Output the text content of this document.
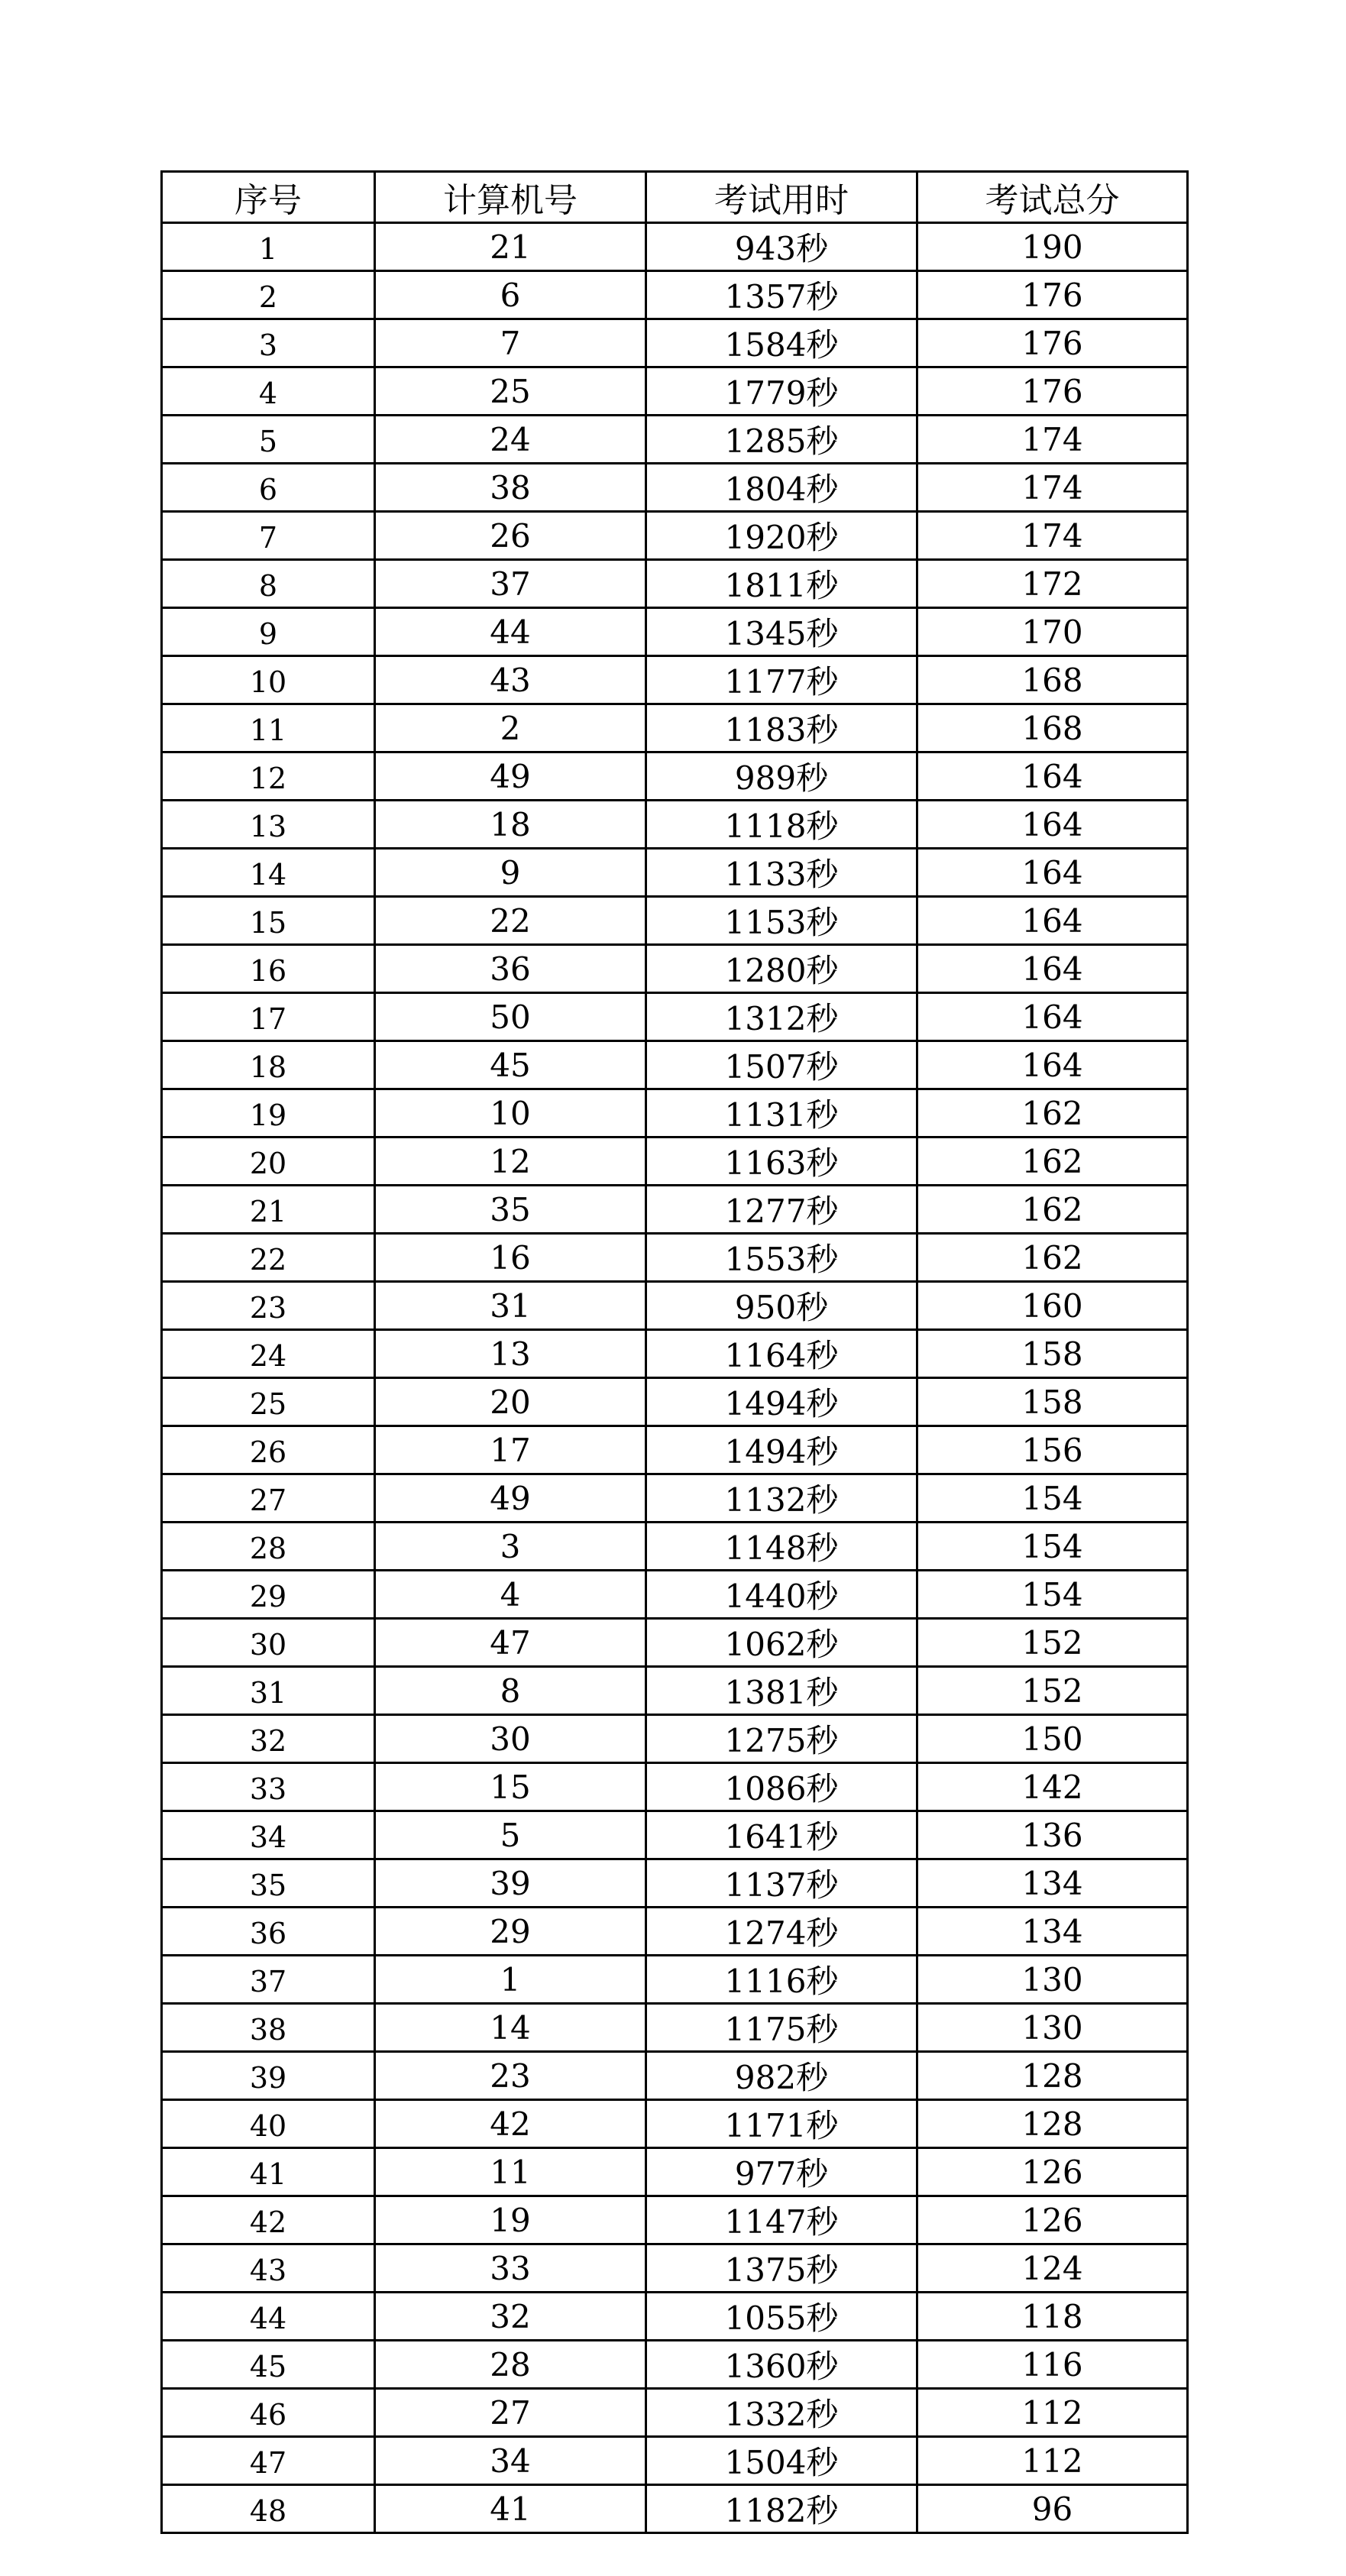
序号	计算机号	考试用时	考试总分
1	21	943秒	190
2	6	1357秒	176
3	7	1584秒	176
4	25	1779秒	176
5	24	1285秒	174
6	38	1804秒	174
7	26	1920秒	174
8	37	1811秒	172
9	44	1345秒	170
10	43	1177秒	168
11	2	1183秒	168
12	49	989秒	164
13	18	1118秒	164
14	9	1133秒	164
15	22	1153秒	164
16	36	1280秒	164
17	50	1312秒	164
18	45	1507秒	164
19	10	1131秒	162
20	12	1163秒	162
21	35	1277秒	162
22	16	1553秒	162
23	31	950秒	160
24	13	1164秒	158
25	20	1494秒	158
26	17	1494秒	156
27	49	1132秒	154
28	3	1148秒	154
29	4	1440秒	154
30	47	1062秒	152
31	8	1381秒	152
32	30	1275秒	150
33	15	1086秒	142
34	5	1641秒	136
35	39	1137秒	134
36	29	1274秒	134
37	1	1116秒	130
38	14	1175秒	130
39	23	982秒	128
40	42	1171秒	128
41	11	977秒	126
42	19	1147秒	126
43	33	1375秒	124
44	32	1055秒	118
45	28	1360秒	116
46	27	1332秒	112
47	34	1504秒	112
48	41	1182秒	96
